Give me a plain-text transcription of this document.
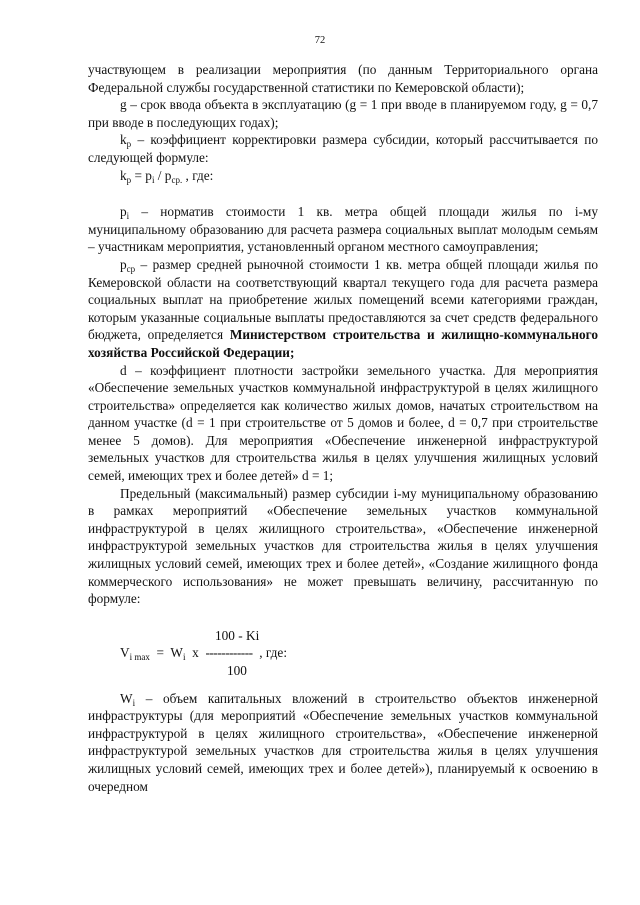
72

участвующем в реализации мероприятия (по данным Территориального органа Федеральной службы государственной статистики по Кемеровской области);

g – срок ввода объекта в эксплуатацию (g = 1 при вводе в планируемом году, g = 0,7 при вводе в последующих годах);

$k_р$ – коэффициент корректировки размера субсидии, который рассчитывается по следующей формуле:

$k_р = p_i / p_{ср.}$ , где:

$p_i$ – норматив стоимости 1 кв. метра общей площади жилья по i-му муниципальному образованию для расчета размера социальных выплат молодым семьям – участникам мероприятия, установленный органом местного самоуправления;

$p_{ср}$ – размер средней рыночной стоимости 1 кв. метра общей площади жилья по Кемеровской области на соответствующий квартал текущего года для расчета размера социальных выплат на приобретение жилых помещений всеми категориями граждан, которым указанные социальные выплаты предоставляются за счет средств федерального бюджета, определяется Министерством строительства и жилищно-коммунального хозяйства Российской Федерации;

d – коэффициент плотности застройки земельного участка. Для мероприятия «Обеспечение земельных участков коммунальной инфраструктурой в целях жилищного строительства» определяется как количество жилых домов, начатых строительством на данном участке (d = 1 при строительстве от 5 домов и более, d = 0,7 при строительстве менее 5 домов). Для мероприятия «Обеспечение инженерной инфраструктурой земельных участков для строительства жилья в целях улучшения жилищных условий семей, имеющих трех и более детей» d = 1;

Предельный (максимальный) размер субсидии i-му муниципальному образованию в рамках мероприятий «Обеспечение земельных участков коммунальной инфраструктурой в целях жилищного строительства», «Обеспечение инженерной инфраструктурой земельных участков для строительства жилья в целях улучшения жилищных условий семей, имеющих трех и более детей», «Создание жилищного фонда коммерческого использования» не может превышать величину, рассчитанную по формуле:

100 - Ki

$V_{i max} = W_i$  x  ------------  , где:

100

$W_i$ – объем капитальных вложений в строительство объектов инженерной инфраструктуры (для мероприятий «Обеспечение земельных участков коммунальной инфраструктурой в целях жилищного строительства», «Обеспечение инженерной инфраструктурой земельных участков для строительства жилья в целях улучшения жилищных условий семей, имеющих трех и более детей»), планируемый к освоению в очередном
